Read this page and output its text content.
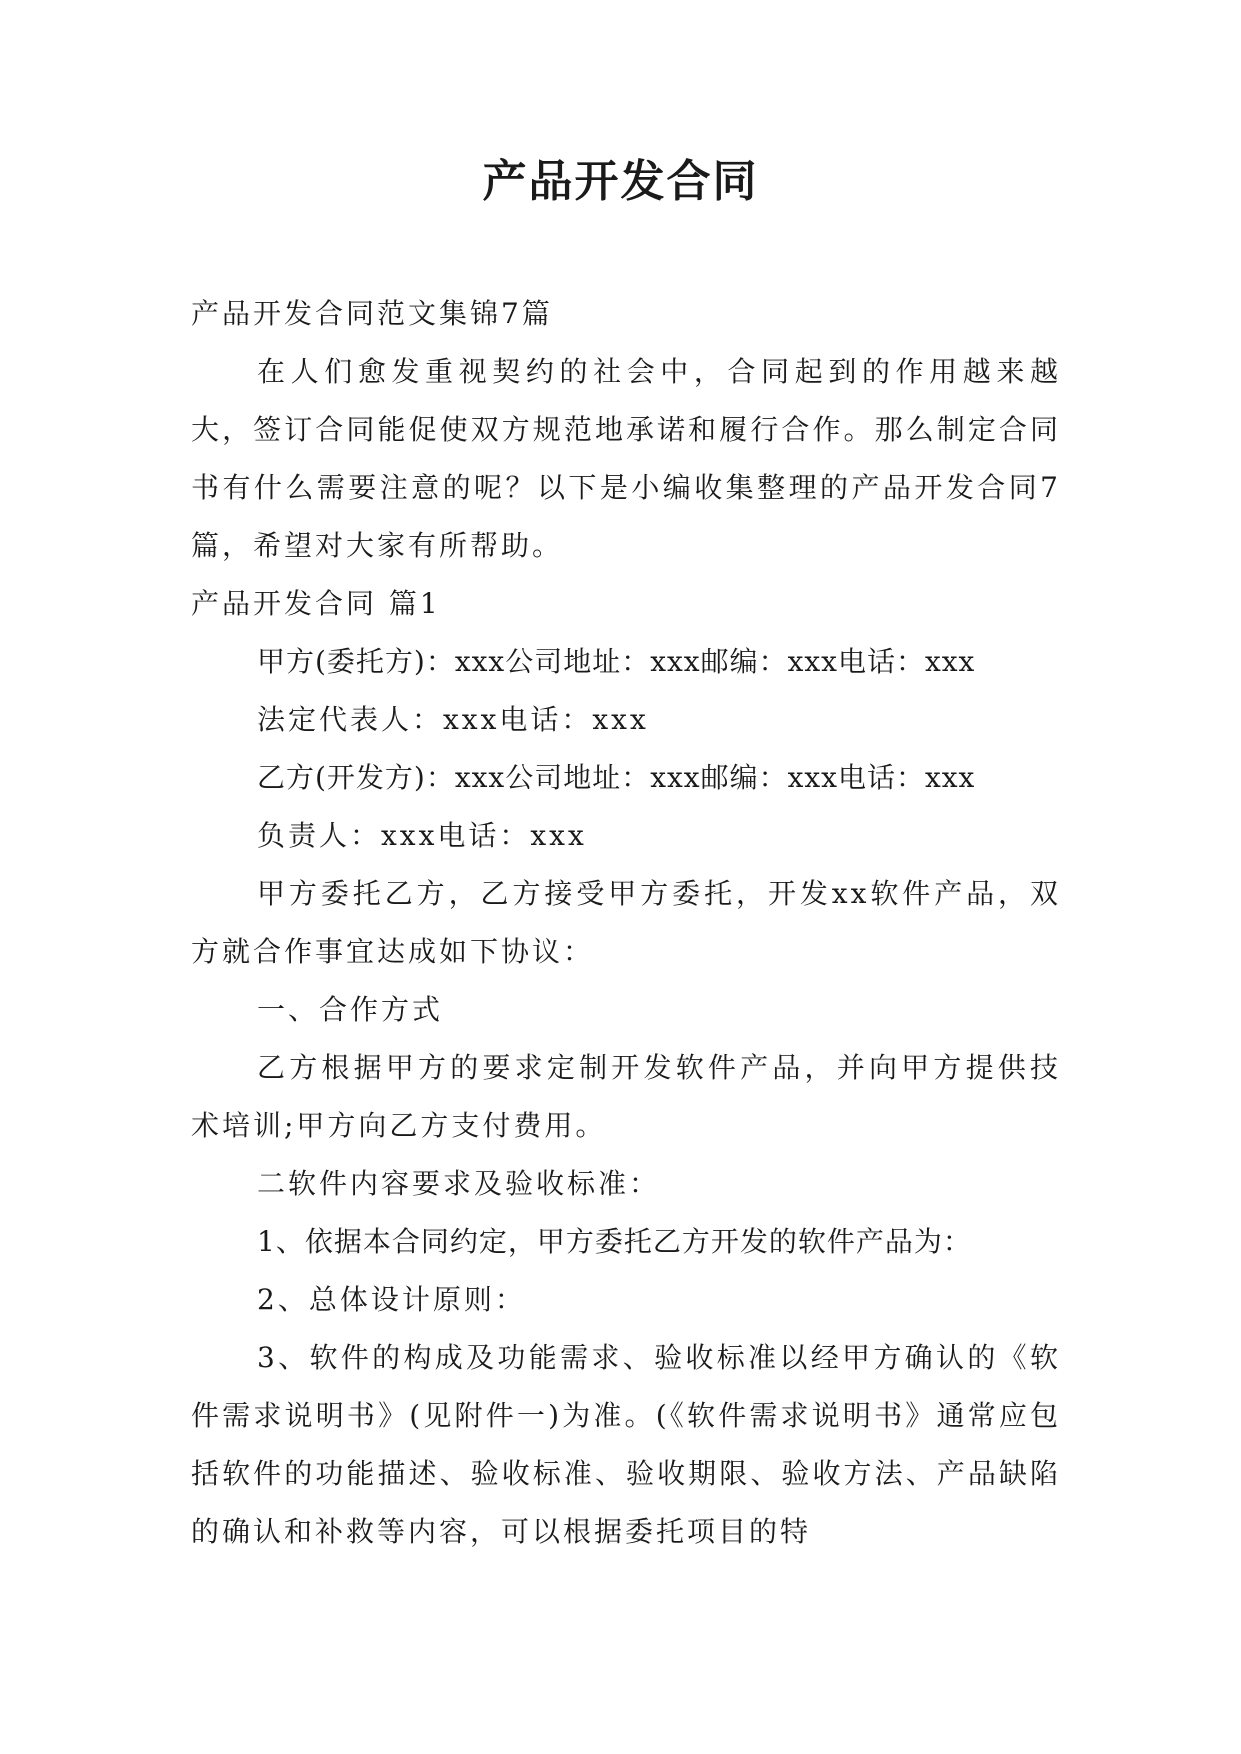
产品开发合同

产品开发合同范文集锦7篇

在人们愈发重视契约的社会中，合同起到的作用越来越大，签订合同能促使双方规范地承诺和履行合作。那么制定合同书有什么需要注意的呢？以下是小编收集整理的产品开发合同7篇，希望对大家有所帮助。

产品开发合同 篇1

甲方(委托方)：xxx公司地址：xxx邮编：xxx电话：xxx

法定代表人：xxx电话：xxx

乙方(开发方)：xxx公司地址：xxx邮编：xxx电话：xxx

负责人：xxx电话：xxx

甲方委托乙方，乙方接受甲方委托，开发xx软件产品，双方就合作事宜达成如下协议：

一、合作方式

乙方根据甲方的要求定制开发软件产品，并向甲方提供技术培训;甲方向乙方支付费用。

二软件内容要求及验收标准：

1、依据本合同约定，甲方委托乙方开发的软件产品为：

2、总体设计原则：

3、软件的构成及功能需求、验收标准以经甲方确认的《软件需求说明书》(见附件一)为准。(《软件需求说明书》通常应包括软件的功能描述、验收标准、验收期限、验收方法、产品缺陷的确认和补救等内容，可以根据委托项目的特
